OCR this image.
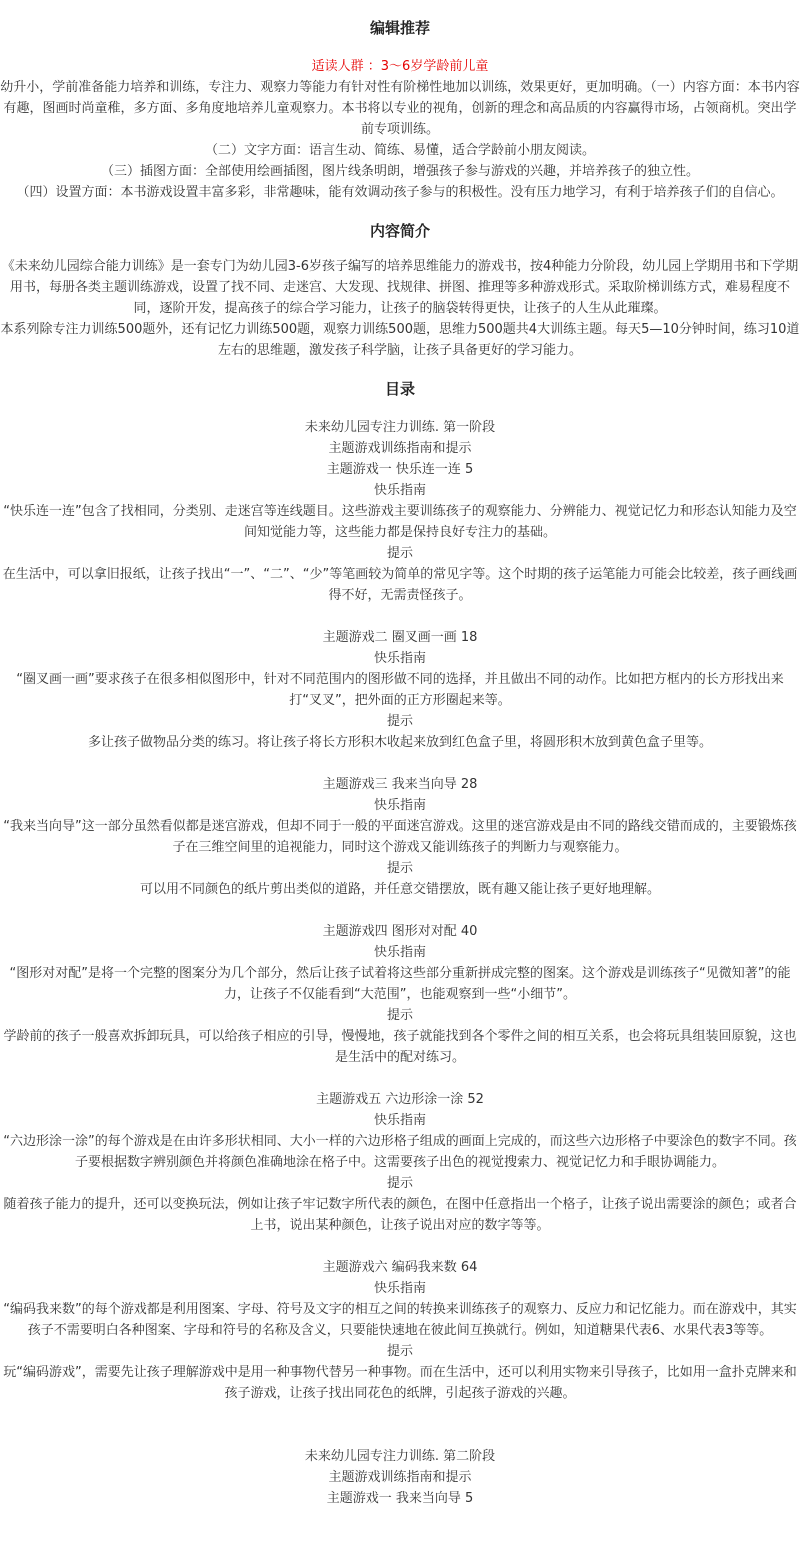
编辑推荐
适读人群 ：3～6岁学龄前儿童
幼升小，学前准备能力培养和训练，专注力、观察力等能力有针对性有阶梯性地加以训练，效果更好，更加明确。（一）内容方面：本书内容有趣，图画时尚童稚，多方面、多角度地培养儿童观察力。本书将以专业的视角，创新的理念和高品质的内容赢得市场，占领商机。突出学前专项训练。
（二）文字方面：语言生动、简练、易懂，适合学龄前小朋友阅读。
（三）插图方面：全部使用绘画插图，图片线条明朗，增强孩子参与游戏的兴趣，并培养孩子的独立性。
（四）设置方面：本书游戏设置丰富多彩，非常趣味，能有效调动孩子参与的积极性。没有压力地学习，有利于培养孩子们的自信心。
内容简介
《未来幼儿园综合能力训练》是一套专门为幼儿园3-6岁孩子编写的培养思维能力的游戏书，按4种能力分阶段，幼儿园上学期用书和下学期用书，每册各类主题训练游戏，设置了找不同、走迷宫、大发现、找规律、拼图、推理等多种游戏形式。采取阶梯训练方式，难易程度不同，逐阶开发，提高孩子的综合学习能力，让孩子的脑袋转得更快，让孩子的人生从此璀璨。
本系列除专注力训练500题外，还有记忆力训练500题，观察力训练500题，思维力500题共4大训练主题。每天5—10分钟时间，练习10道左右的思维题，激发孩子科学脑，让孩子具备更好的学习能力。
目录
未来幼儿园专注力训练. 第一阶段
主题游戏训练指南和提示
主题游戏一 快乐连一连 5
快乐指南
“快乐连一连”包含了找相同，分类别、走迷宫等连线题目。这些游戏主要训练孩子的观察能力、分辨能力、视觉记忆力和形态认知能力及空间知觉能力等，这些能力都是保持良好专注力的基础。
提示
在生活中，可以拿旧报纸，让孩子找出“一”、“二”、“少”等笔画较为简单的常见字等。这个时期的孩子运笔能力可能会比较差，孩子画线画得不好，无需责怪孩子。
主题游戏二 圈叉画一画 18
快乐指南
“圈叉画一画”要求孩子在很多相似图形中，针对不同范围内的图形做不同的选择，并且做出不同的动作。比如把方框内的长方形找出来打“叉叉”，把外面的正方形圈起来等。
提示
多让孩子做物品分类的练习。将让孩子将长方形积木收起来放到红色盒子里，将圆形积木放到黄色盒子里等。
主题游戏三 我来当向导 28
快乐指南
“我来当向导”这一部分虽然看似都是迷宫游戏，但却不同于一般的平面迷宫游戏。这里的迷宫游戏是由不同的路线交错而成的，主要锻炼孩子在三维空间里的追视能力，同时这个游戏又能训练孩子的判断力与观察能力。
提示
可以用不同颜色的纸片剪出类似的道路，并任意交错摆放，既有趣又能让孩子更好地理解。
主题游戏四 图形对对配 40
快乐指南
“图形对对配”是将一个完整的图案分为几个部分，然后让孩子试着将这些部分重新拼成完整的图案。这个游戏是训练孩子“见微知著”的能力，让孩子不仅能看到“大范围”，也能观察到一些“小细节”。
提示
学龄前的孩子一般喜欢拆卸玩具，可以给孩子相应的引导，慢慢地，孩子就能找到各个零件之间的相互关系，也会将玩具组装回原貌，这也是生活中的配对练习。
主题游戏五 六边形涂一涂 52
快乐指南
“六边形涂一涂”的每个游戏是在由许多形状相同、大小一样的六边形格子组成的画面上完成的，而这些六边形格子中要涂色的数字不同。孩子要根据数字辨别颜色并将颜色准确地涂在格子中。这需要孩子出色的视觉搜索力、视觉记忆力和手眼协调能力。
提示
随着孩子能力的提升，还可以变换玩法，例如让孩子牢记数字所代表的颜色，在图中任意指出一个格子，让孩子说出需要涂的颜色；或者合上书，说出某种颜色，让孩子说出对应的数字等等。
主题游戏六 编码我来数 64
快乐指南
“编码我来数”的每个游戏都是利用图案、字母、符号及文字的相互之间的转换来训练孩子的观察力、反应力和记忆能力。而在游戏中，其实孩子不需要明白各种图案、字母和符号的名称及含义，只要能快速地在彼此间互换就行。例如，知道糖果代表6、水果代表3等等。
提示
玩“编码游戏”，需要先让孩子理解游戏中是用一种事物代替另一种事物。而在生活中，还可以利用实物来引导孩子，比如用一盒扑克牌来和孩子游戏，让孩子找出同花色的纸牌，引起孩子游戏的兴趣。
未来幼儿园专注力训练. 第二阶段
主题游戏训练指南和提示
主题游戏一 我来当向导 5
